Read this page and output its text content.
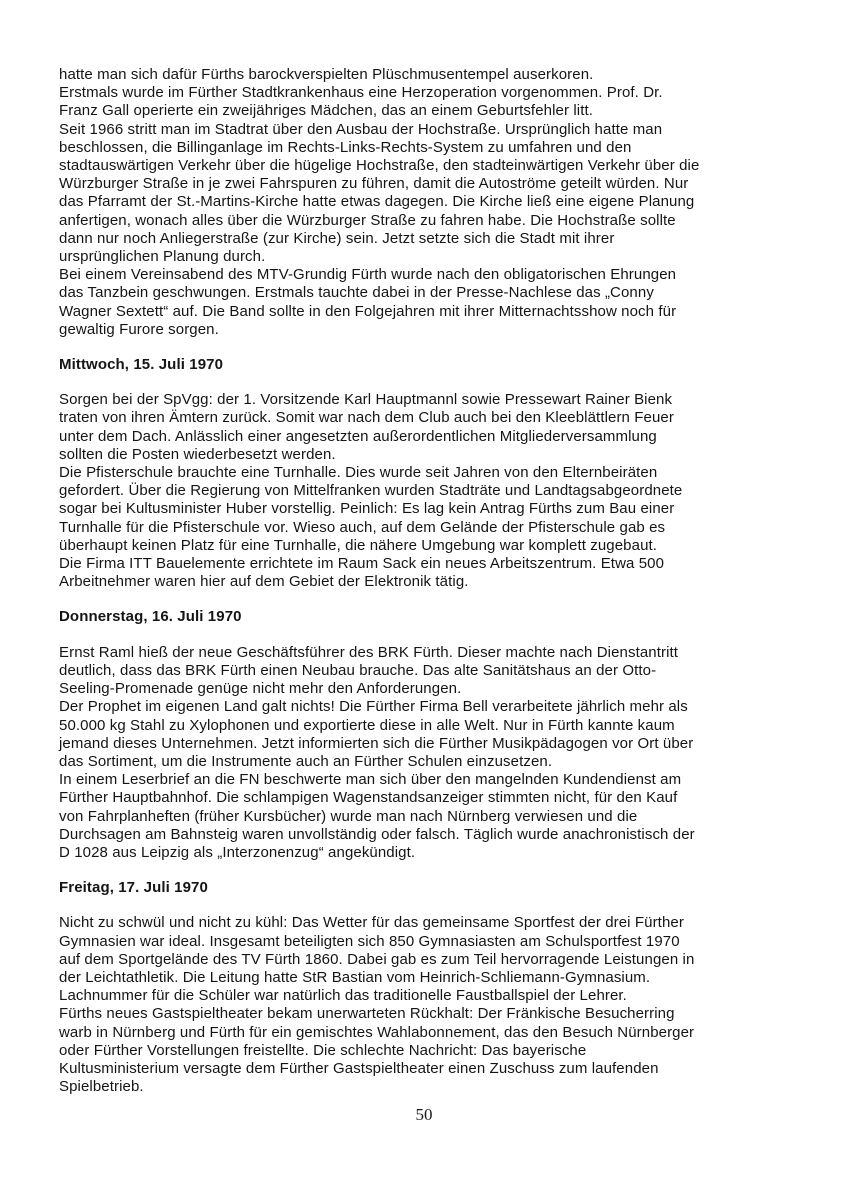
hatte man sich dafür Fürths barockverspielten Plüschmusentempel auserkoren.
Erstmals wurde im Fürther Stadtkrankenhaus eine Herzoperation vorgenommen. Prof. Dr.
Franz Gall operierte ein zweijähriges Mädchen, das an einem Geburtsfehler litt.
Seit 1966 stritt man im Stadtrat über den Ausbau der Hochstraße. Ursprünglich hatte man
beschlossen, die Billinganlage im Rechts-Links-Rechts-System zu umfahren und den
stadtauswärtigen Verkehr über die hügelige Hochstraße, den stadteinwärtigen Verkehr über die
Würzburger Straße in je zwei Fahrspuren zu führen, damit die Autoströme geteilt würden. Nur
das Pfarramt der St.-Martins-Kirche hatte etwas dagegen. Die Kirche ließ eine eigene Planung
anfertigen, wonach alles über die Würzburger Straße zu fahren habe. Die Hochstraße sollte
dann nur noch Anliegerstraße (zur Kirche) sein. Jetzt setzte sich die Stadt mit ihrer
ursprünglichen Planung durch.
Bei einem Vereinsabend des MTV-Grundig Fürth wurde nach den obligatorischen Ehrungen
das Tanzbein geschwungen. Erstmals tauchte dabei in der Presse-Nachlese das „Conny
Wagner Sextett“ auf. Die Band sollte in den Folgejahren mit ihrer Mitternachtsshow noch für
gewaltig Furore sorgen.
Mittwoch, 15. Juli 1970
Sorgen bei der SpVgg: der 1. Vorsitzende Karl Hauptmannl sowie Pressewart Rainer Bienk
traten von ihren Ämtern zurück. Somit war nach dem Club auch bei den Kleeblättlern Feuer
unter dem Dach. Anlässlich einer angesetzten außerordentlichen Mitgliederversammlung
sollten die Posten wiederbesetzt werden.
Die Pfisterschule brauchte eine Turnhalle. Dies wurde seit Jahren von den Elternbeiräten
gefordert. Über die Regierung von Mittelfranken wurden Stadträte und Landtagsabgeordnete
sogar bei Kultusminister Huber vorstellig. Peinlich: Es lag kein Antrag Fürths zum Bau einer
Turnhalle für die Pfisterschule vor. Wieso auch, auf dem Gelände der Pfisterschule gab es
überhaupt keinen Platz für eine Turnhalle, die nähere Umgebung war komplett zugebaut.
Die Firma ITT Bauelemente errichtete im Raum Sack ein neues Arbeitszentrum. Etwa 500
Arbeitnehmer waren hier auf dem Gebiet der Elektronik tätig.
Donnerstag, 16. Juli 1970
Ernst Raml hieß der neue Geschäftsführer des BRK Fürth. Dieser machte nach Dienstantritt
deutlich, dass das BRK Fürth einen Neubau brauche. Das alte Sanitätshaus an der Otto-
Seeling-Promenade genüge nicht mehr den Anforderungen.
Der Prophet im eigenen Land galt nichts! Die Fürther Firma Bell verarbeitete jährlich mehr als
50.000 kg Stahl zu Xylophonen und exportierte diese in alle Welt. Nur in Fürth kannte kaum
jemand dieses Unternehmen. Jetzt informierten sich die Fürther Musikpädagogen vor Ort über
das Sortiment, um die Instrumente auch an Fürther Schulen einzusetzen.
In einem Leserbrief an die FN beschwerte man sich über den mangelnden Kundendienst am
Fürther Hauptbahnhof. Die schlampigen Wagenstandsanzeiger stimmten nicht, für den Kauf
von Fahrplanheften (früher Kursbücher) wurde man nach Nürnberg verwiesen und die
Durchsagen am Bahnsteig waren unvollständig oder falsch. Täglich wurde anachronistisch der
D 1028 aus Leipzig als „Interzonenzug“ angekündigt.
Freitag, 17. Juli 1970
Nicht zu schwül und nicht zu kühl: Das Wetter für das gemeinsame Sportfest der drei Fürther
Gymnasien war ideal. Insgesamt beteiligten sich 850 Gymnasiasten am Schulsportfest 1970
auf dem Sportgelände des TV Fürth 1860. Dabei gab es zum Teil hervorragende Leistungen in
der Leichtathletik. Die Leitung hatte StR Bastian vom Heinrich-Schliemann-Gymnasium.
Lachnummer für die Schüler war natürlich das traditionelle Faustballspiel der Lehrer.
Fürths neues Gastspieltheater bekam unerwarteten Rückhalt: Der Fränkische Besucherring
warb in Nürnberg und Fürth für ein gemischtes Wahlabonnement, das den Besuch Nürnberger
oder Fürther Vorstellungen freistellte. Die schlechte Nachricht: Das bayerische
Kultusministerium versagte dem Fürther Gastspieltheater einen Zuschuss zum laufenden
Spielbetrieb.
50
